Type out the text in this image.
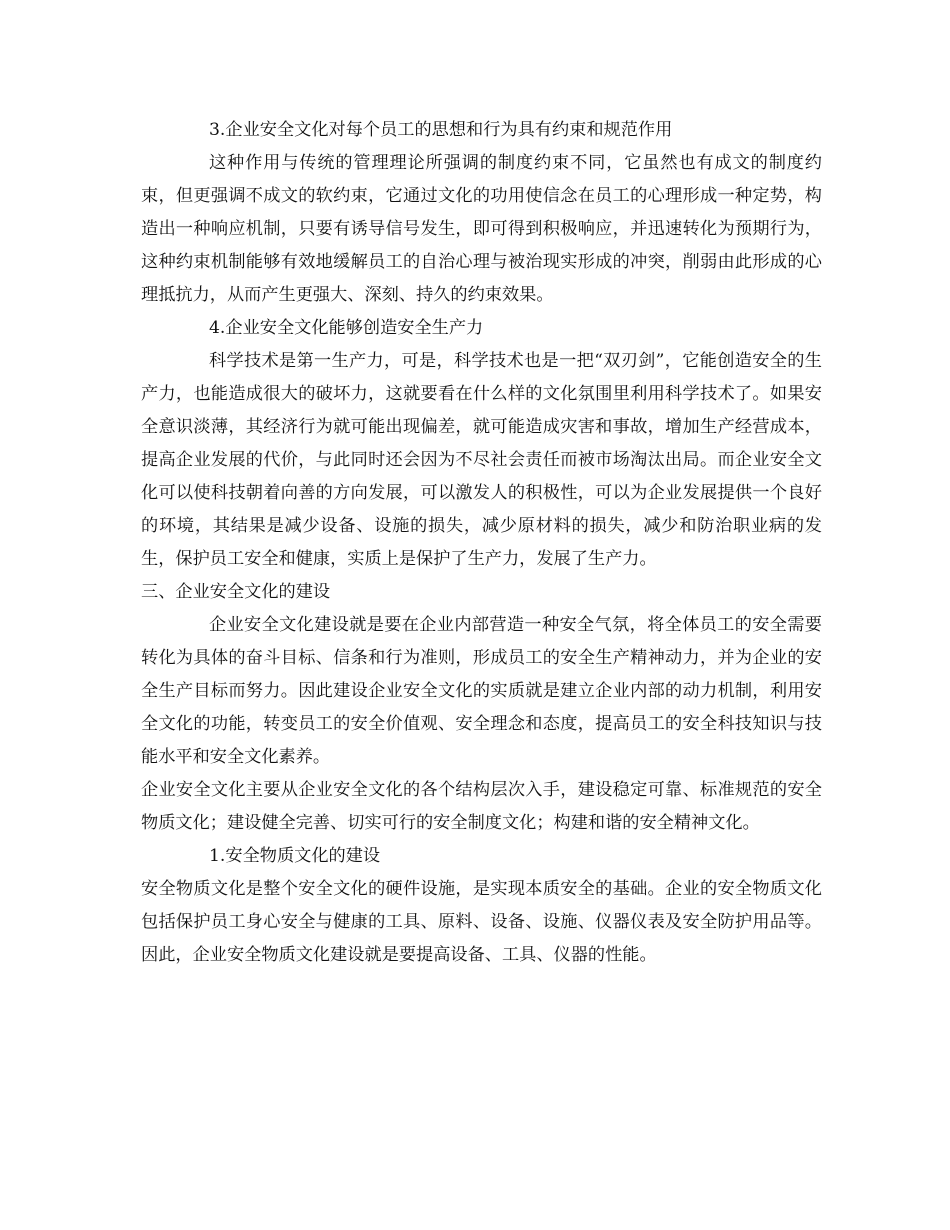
3.企业安全文化对每个员工的思想和行为具有约束和规范作用

这种作用与传统的管理理论所强调的制度约束不同，它虽然也有成文的制度约束，但更强调不成文的软约束，它通过文化的功用使信念在员工的心理形成一种定势，构造出一种响应机制，只要有诱导信号发生，即可得到积极响应，并迅速转化为预期行为，这种约束机制能够有效地缓解员工的自治心理与被治现实形成的冲突，削弱由此形成的心理抵抗力，从而产生更强大、深刻、持久的约束效果。

4.企业安全文化能够创造安全生产力

科学技术是第一生产力，可是，科学技术也是一把“双刃剑”，它能创造安全的生产力，也能造成很大的破坏力，这就要看在什么样的文化氛围里利用科学技术了。如果安全意识淡薄，其经济行为就可能出现偏差，就可能造成灾害和事故，增加生产经营成本，提高企业发展的代价，与此同时还会因为不尽社会责任而被市场淘汰出局。而企业安全文化可以使科技朝着向善的方向发展，可以激发人的积极性，可以为企业发展提供一个良好的环境，其结果是减少设备、设施的损失，减少原材料的损失，减少和防治职业病的发生，保护员工安全和健康，实质上是保护了生产力，发展了生产力。

三、企业安全文化的建设

企业安全文化建设就是要在企业内部营造一种安全气氛，将全体员工的安全需要转化为具体的奋斗目标、信条和行为准则，形成员工的安全生产精神动力，并为企业的安全生产目标而努力。因此建设企业安全文化的实质就是建立企业内部的动力机制，利用安全文化的功能，转变员工的安全价值观、安全理念和态度，提高员工的安全科技知识与技能水平和安全文化素养。

企业安全文化主要从企业安全文化的各个结构层次入手，建设稳定可靠、标准规范的安全物质文化；建设健全完善、切实可行的安全制度文化；构建和谐的安全精神文化。

1.安全物质文化的建设

安全物质文化是整个安全文化的硬件设施，是实现本质安全的基础。企业的安全物质文化包括保护员工身心安全与健康的工具、原料、设备、设施、仪器仪表及安全防护用品等。因此，企业安全物质文化建设就是要提高设备、工具、仪器的性能。
